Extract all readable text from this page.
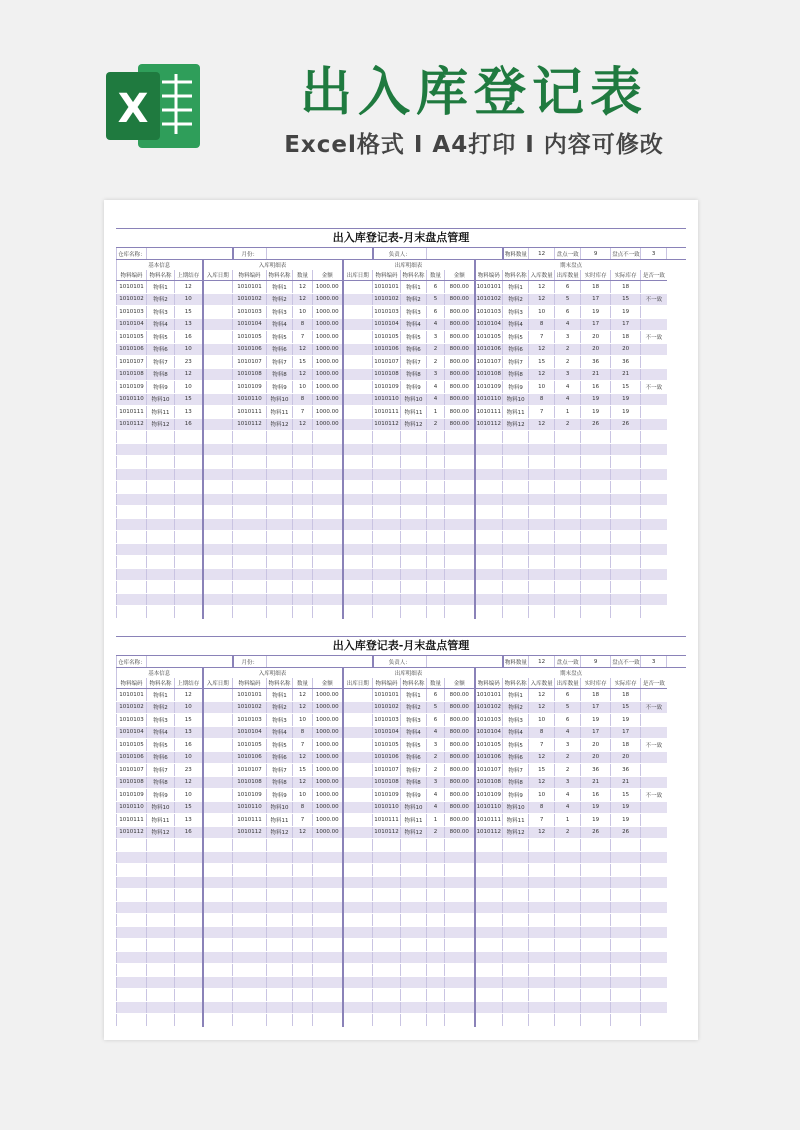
X	出入库登记表
Excel格式 I A4打印 I 内容可修改
出入库登记表-月末盘点管理
仓库名称：				月份：					负责人：					物料数量	12	盘点一致	9	盘点不一致	3	
基本信息			入库明细表					出库明细表					期末盘点							
物料编码	物料名称	上期结存	入库日期	物料编码	物料名称	数量	金额	出库日期	物料编码	物料名称	数量	金额	物料编码	物料名称	入库数量	出库数量	实时库存	实际库存	是否一致	
1010101	物料1	12		1010101	物料1	12	1000.00		1010101	物料1	6	800.00	1010101	物料1	12	6	18	18		
1010102	物料2	10		1010102	物料2	12	1000.00		1010102	物料2	5	800.00	1010102	物料2	12	5	17	15	不一致	
1010103	物料3	15		1010103	物料3	10	1000.00		1010103	物料3	6	800.00	1010103	物料3	10	6	19	19		
1010104	物料4	13		1010104	物料4	8	1000.00		1010104	物料4	4	800.00	1010104	物料4	8	4	17	17		
1010105	物料5	16		1010105	物料5	7	1000.00		1010105	物料5	3	800.00	1010105	物料5	7	3	20	18	不一致	
1010106	物料6	10		1010106	物料6	12	1000.00		1010106	物料6	2	800.00	1010106	物料6	12	2	20	20		
1010107	物料7	23		1010107	物料7	15	1000.00		1010107	物料7	2	800.00	1010107	物料7	15	2	36	36		
1010108	物料8	12		1010108	物料8	12	1000.00		1010108	物料8	3	800.00	1010108	物料8	12	3	21	21		
1010109	物料9	10		1010109	物料9	10	1000.00		1010109	物料9	4	800.00	1010109	物料9	10	4	16	15	不一致	
1010110	物料10	15		1010110	物料10	8	1000.00		1010110	物料10	4	800.00	1010110	物料10	8	4	19	19		
1010111	物料11	13		1010111	物料11	7	1000.00		1010111	物料11	1	800.00	1010111	物料11	7	1	19	19		
1010112	物料12	16		1010112	物料12	12	1000.00		1010112	物料12	2	800.00	1010112	物料12	12	2	26	26		

出入库登记表-月末盘点管理
仓库名称：				月份：					负责人：					物料数量	12	盘点一致	9	盘点不一致	3	
基本信息			入库明细表					出库明细表					期末盘点							
物料编码	物料名称	上期结存	入库日期	物料编码	物料名称	数量	金额	出库日期	物料编码	物料名称	数量	金额	物料编码	物料名称	入库数量	出库数量	实时库存	实际库存	是否一致	
1010101	物料1	12		1010101	物料1	12	1000.00		1010101	物料1	6	800.00	1010101	物料1	12	6	18	18		
1010102	物料2	10		1010102	物料2	12	1000.00		1010102	物料2	5	800.00	1010102	物料2	12	5	17	15	不一致	
1010103	物料3	15		1010103	物料3	10	1000.00		1010103	物料3	6	800.00	1010103	物料3	10	6	19	19		
1010104	物料4	13		1010104	物料4	8	1000.00		1010104	物料4	4	800.00	1010104	物料4	8	4	17	17		
1010105	物料5	16		1010105	物料5	7	1000.00		1010105	物料5	3	800.00	1010105	物料5	7	3	20	18	不一致	
1010106	物料6	10		1010106	物料6	12	1000.00		1010106	物料6	2	800.00	1010106	物料6	12	2	20	20		
1010107	物料7	23		1010107	物料7	15	1000.00		1010107	物料7	2	800.00	1010107	物料7	15	2	36	36		
1010108	物料8	12		1010108	物料8	12	1000.00		1010108	物料8	3	800.00	1010108	物料8	12	3	21	21		
1010109	物料9	10		1010109	物料9	10	1000.00		1010109	物料9	4	800.00	1010109	物料9	10	4	16	15	不一致	
1010110	物料10	15		1010110	物料10	8	1000.00		1010110	物料10	4	800.00	1010110	物料10	8	4	19	19		
1010111	物料11	13		1010111	物料11	7	1000.00		1010111	物料11	1	800.00	1010111	物料11	7	1	19	19		
1010112	物料12	16		1010112	物料12	12	1000.00		1010112	物料12	2	800.00	1010112	物料12	12	2	26	26		
